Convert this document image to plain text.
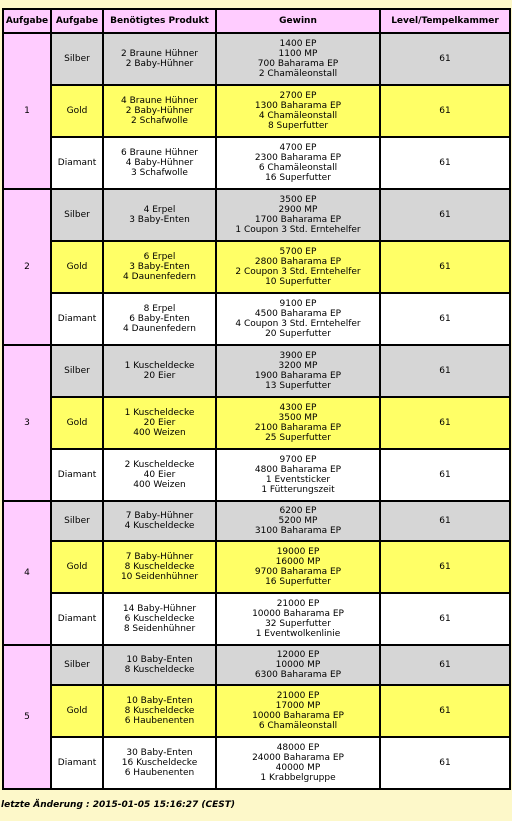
Aufgabe	Aufgabe	Benötigtes Produkt	Gewinn	Level/Tempelkammer
1	Silber	2 Braune Hühner
2 Baby-Hühner	1400 EP
1100 MP
700 Baharama EP
2 Chamäleonstall	61
	Gold	4 Braune Hühner
2 Baby-Hühner
2 Schafwolle	2700 EP
1300 Baharama EP
4 Chamäleonstall
8 Superfutter	61
	Diamant	6 Braune Hühner
4 Baby-Hühner
3 Schafwolle	4700 EP
2300 Baharama EP
6 Chamäleonstall
16 Superfutter	61
2	Silber	4 Erpel
3 Baby-Enten	3500 EP
2900 MP
1700 Baharama EP
1 Coupon 3 Std. Erntehelfer	61
	Gold	6 Erpel
3 Baby-Enten
4 Daunenfedern	5700 EP
2800 Baharama EP
2 Coupon 3 Std. Erntehelfer
10 Superfutter	61
	Diamant	8 Erpel
6 Baby-Enten
4 Daunenfedern	9100 EP
4500 Baharama EP
4 Coupon 3 Std. Erntehelfer
20 Superfutter	61
3	Silber	1 Kuscheldecke
20 Eier	3900 EP
3200 MP
1900 Baharama EP
13 Superfutter	61
	Gold	1 Kuscheldecke
20 Eier
400 Weizen	4300 EP
3500 MP
2100 Baharama EP
25 Superfutter	61
	Diamant	2 Kuscheldecke
40 Eier
400 Weizen	9700 EP
4800 Baharama EP
1 Eventsticker
1 Fütterungszeit	61
4	Silber	7 Baby-Hühner
4 Kuscheldecke	6200 EP
5200 MP
3100 Baharama EP	61
	Gold	7 Baby-Hühner
8 Kuscheldecke
10 Seidenhühner	19000 EP
16000 MP
9700 Baharama EP
16 Superfutter	61
	Diamant	14 Baby-Hühner
6 Kuscheldecke
8 Seidenhühner	21000 EP
10000 Baharama EP
32 Superfutter
1 Eventwolkenlinie	61
5	Silber	10 Baby-Enten
8 Kuscheldecke	12000 EP
10000 MP
6300 Baharama EP	61
	Gold	10 Baby-Enten
8 Kuscheldecke
6 Haubenenten	21000 EP
17000 MP
10000 Baharama EP
6 Chamäleonstall	61
	Diamant	30 Baby-Enten
16 Kuscheldecke
6 Haubenenten	48000 EP
24000 Baharama EP
40000 MP
1 Krabbelgruppe	61
letzte Änderung : 2015-01-05 15:16:27 (CEST)
